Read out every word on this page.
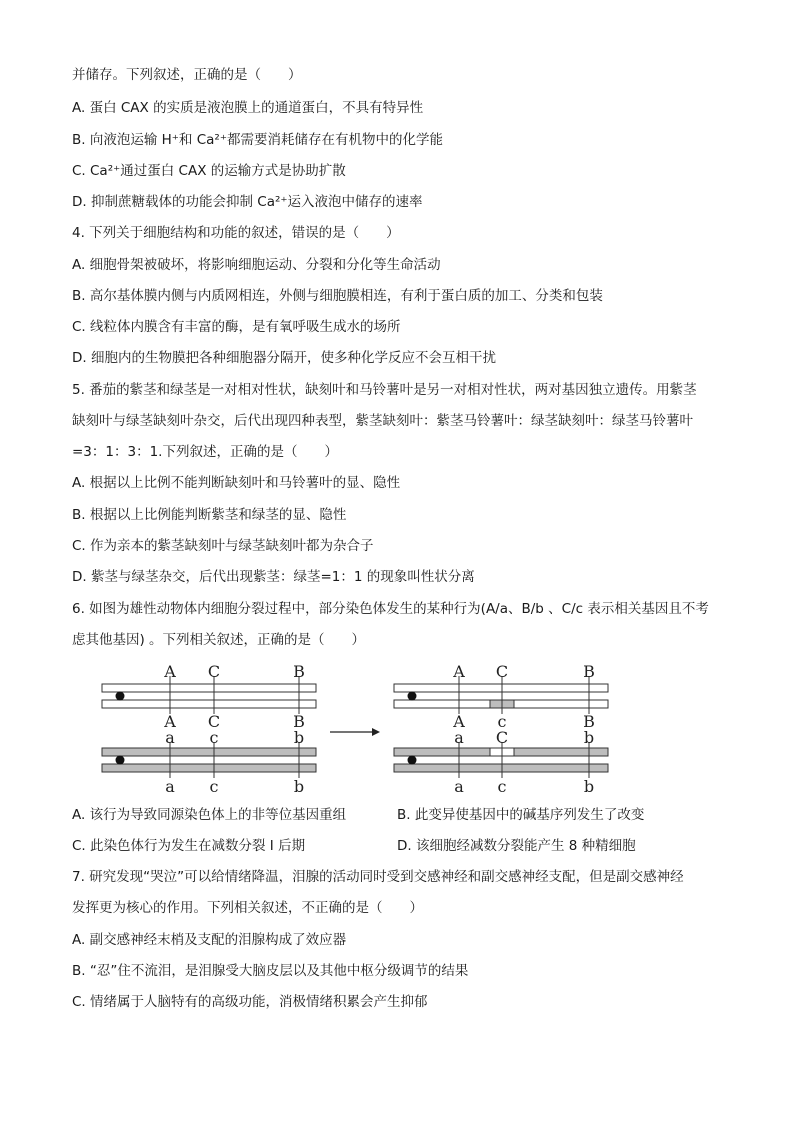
并储存。下列叙述，正确的是（　　）
A. 蛋白 CAX 的实质是液泡膜上的通道蛋白，不具有特异性
B. 向液泡运输 H⁺和 Ca²⁺都需要消耗储存在有机物中的化学能
C. Ca²⁺通过蛋白 CAX 的运输方式是协助扩散
D. 抑制蔗糖载体的功能会抑制 Ca²⁺运入液泡中储存的速率
4. 下列关于细胞结构和功能的叙述，错误的是（　　）
A. 细胞骨架被破坏，将影响细胞运动、分裂和分化等生命活动
B. 高尔基体膜内侧与内质网相连，外侧与细胞膜相连，有利于蛋白质的加工、分类和包装
C. 线粒体内膜含有丰富的酶，是有氧呼吸生成水的场所
D. 细胞内的生物膜把各种细胞器分隔开，使多种化学反应不会互相干扰
5. 番茄的紫茎和绿茎是一对相对性状，缺刻叶和马铃薯叶是另一对相对性状，两对基因独立遗传。用紫茎
缺刻叶与绿茎缺刻叶杂交，后代出现四种表型，紫茎缺刻叶：紫茎马铃薯叶：绿茎缺刻叶：绿茎马铃薯叶
=3：1：3：1.下列叙述，正确的是（　　）
A. 根据以上比例不能判断缺刻叶和马铃薯叶的显、隐性
B. 根据以上比例能判断紫茎和绿茎的显、隐性
C. 作为亲本的紫茎缺刻叶与绿茎缺刻叶都为杂合子
D. 紫茎与绿茎杂交，后代出现紫茎：绿茎=1：1 的现象叫性状分离
6. 如图为雄性动物体内细胞分裂过程中，部分染色体发生的某种行为(A/a、B/b 、C/c 表示相关基因且不考
虑其他基因) 。下列相关叙述，正确的是（　　）
A C	B
A C	B
a c	b
a c	b
A C	B
A c	B
a C	b
a c	b
A. 该行为导致同源染色体上的非等位基因重组	B. 此变异使基因中的碱基序列发生了改变
C. 此染色体行为发生在减数分裂 I 后期	D. 该细胞经减数分裂能产生 8 种精细胞
7. 研究发现“哭泣”可以给情绪降温，泪腺的活动同时受到交感神经和副交感神经支配，但是副交感神经
发挥更为核心的作用。下列相关叙述，不正确的是（　　）
A. 副交感神经末梢及支配的泪腺构成了效应器
B. “忍”住不流泪，是泪腺受大脑皮层以及其他中枢分级调节的结果
C. 情绪属于人脑特有的高级功能，消极情绪积累会产生抑郁
